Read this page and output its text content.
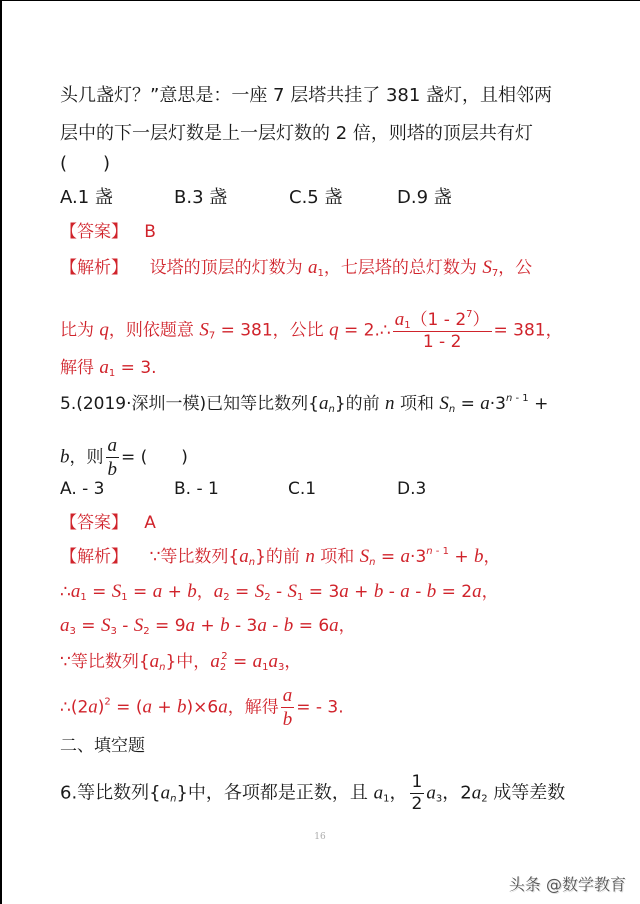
头几盏灯？”意思是：一座 7 层塔共挂了 381 盏灯，且相邻两
层中的下一层灯数是上一层灯数的 2 倍，则塔的顶层共有灯
(　　)
A.1 盏	B.3 盏	C.5 盏	D.9 盏
【答案】 B
【解析】    设塔的顶层的灯数为 $a_1$，七层塔的总灯数为 $S_7$，公
比为 q，则依题意 $S_7 = 381$，公比 q = 2.∴ $\frac{a_1(1 - 2^7)}{1 - 2} = 381$，
解得 $a_1 = 3$.
5.(2019·深圳一模)已知等比数列$\{a_n\}$的前 n 项和 $S_n = a\cdot 3^{n - 1}$ +
b，则 $\frac{a}{b}$ = (　　)
A. - 3	B. - 1	C.1	D.3
【答案】 A
【解析】    ∵等比数列$\{a_n\}$的前 n 项和 $S_n = a\cdot 3^{n - 1} + b$，
$\therefore a_1 = S_1 = a + b$，$a_2 = S_2 - S_1 = 3a + b - a - b = 2a$，
$a_3 = S_3 - S_2 = 9a + b - 3a - b = 6a$，
∵等比数列$\{a_n\}$中，$a_2^2 = a_1a_3$，
$\therefore(2a)^2 = (a + b)\times 6a$，解得 $\frac{a}{b}$ = - 3.
二、填空题
6.等比数列$\{a_n\}$中，各项都是正数，且 $a_1$， $\frac{1}{2} a_3$，$2a_2$ 成等差数
16
头条 @数学教育
